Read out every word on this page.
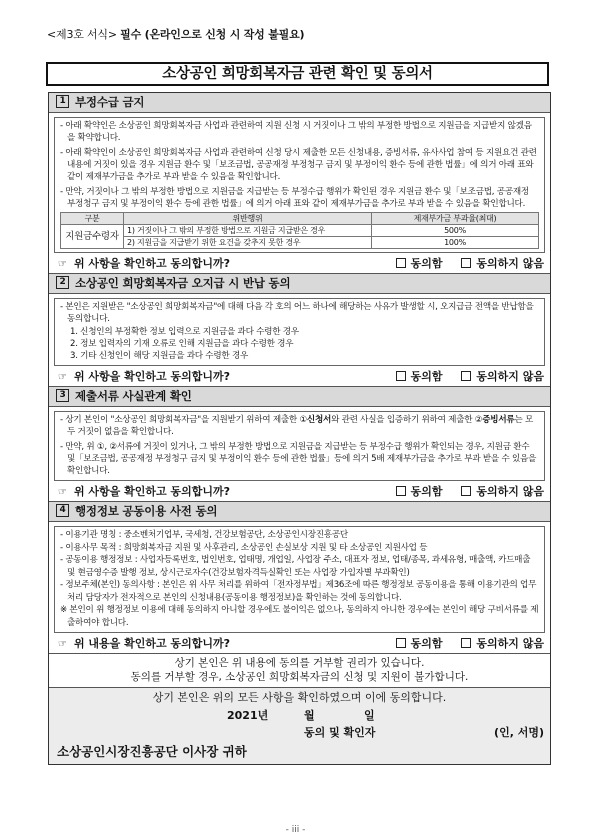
<제3호 서식> 필수 (온라인으로 신청 시 작성 불필요)
소상공인 희망회복자금 관련 확인 및 동의서
1 부정수급 금지
- 아래 확약인은 소상공인 희망회복자금 사업과 관련하여 지원 신청 시 거짓이나 그 밖의 부정한 방법으로 지원금을 지급받지 않겠음을 확약합니다.
- 아래 확약인이 소상공인 희망회복자금 사업과 관련하여 신청 당시 제출한 모든 신청내용, 증빙서류, 유사사업 참여 등 지원요건 관련 내용에 거짓이 있을 경우 지원금 환수 및「보조금법, 공공재정 부정청구 금지 및 부정이익 환수 등에 관한 법률」에 의거 아래 표와 같이 제재부가금을 추가로 부과 받을 수 있음을 확인합니다.
- 만약, 거짓이나 그 밖의 부정한 방법으로 지원금을 지급받는 등 부정수급 행위가 확인된 경우 지원금 환수 및「보조금법, 공공재정 부정청구 금지 및 부정이익 환수 등에 관한 법률」에 의거 아래 표와 같이 제재부가금을 추가로 부과 받을 수 있음을 확인합니다.
구분	위반행위	제재부가금 부과율(최대)
지원금수령자	1) 거짓이나 그 밖의 부정한 방법으로 지원금 지급받은 경우	500%
	2) 지원금을 지급받기 위한 요건을 갖추지 못한 경우	100%
☞ 위 사항을 확인하고 동의합니까?	동의함	동의하지 않음
2 소상공인 희망회복자금 오지급 시 반납 동의
- 본인은 지원받은 "소상공인 희망회복자금"에 대해 다음 각 호의 어느 하나에 해당하는 사유가 발생할 시, 오지급금 전액을 반납함을 동의합니다.
1. 신청인의 부정확한 정보 입력으로 지원금을 과다 수령한 경우
2. 정보 입력자의 기재 오류로 인해 지원금을 과다 수령한 경우
3. 기타 신청인이 해당 지원금을 과다 수령한 경우
☞ 위 사항을 확인하고 동의합니까?	동의함	동의하지 않음
3 제출서류 사실관계 확인
- 상기 본인이 "소상공인 희망회복자금"을 지원받기 위하여 제출한 ①신청서와 관련 사실을 입증하기 위하여 제출한 ②증빙서류는 모두 거짓이 없음을 확인합니다.
- 만약, 위 ①, ②서류에 거짓이 있거나, 그 밖의 부정한 방법으로 지원금을 지급받는 등 부정수급 행위가 확인되는 경우, 지원금 환수 및「보조금법, 공공재정 부정청구 금지 및 부정이익 환수 등에 관한 법률」등에 의거 5배 제재부가금을 추가로 부과 받을 수 있음을 확인합니다.
☞ 위 사항을 확인하고 동의합니까?	동의함	동의하지 않음
4 행정정보 공동이용 사전 동의
- 이용기관 명칭 : 중소벤처기업부, 국세청, 건강보험공단, 소상공인시장진흥공단
- 이용사무 목적 : 희망회복자금 지원 및 사후관리, 소상공인 손실보상 지원 및 타 소상공인 지원사업 등
- 공동이용 행정정보 : 사업자등록번호, 법인번호, 업태명, 개업일, 사업장 주소, 대표자 정보, 업태/종목, 과세유형, 매출액, 카드매출 및 현금영수증 발행 정보, 상시근로자수(건강보험자격득실확인 또는 사업장 가입자별 부과확인)
- 정보주체(본인) 동의사항 : 본인은 위 사무 처리를 위하여「전자정부법」제36조에 따른 행정정보 공동이용을 통해 이용기관의 업무처리 담당자가 전자적으로 본인의 신청내용(공동이용 행정정보)을 확인하는 것에 동의합니다.
※ 본인이 위 행정정보 이용에 대해 동의하지 아니할 경우에도 불이익은 없으나, 동의하지 아니한 경우에는 본인이 해당 구비서류를 제출하여야 합니다.
☞ 위 내용을 확인하고 동의합니까?	동의함	동의하지 않음
상기 본인은 위 내용에 동의를 거부할 권리가 있습니다.
동의를 거부할 경우, 소상공인 희망회복자금의 신청 및 지원이 불가합니다.
상기 본인은 위의 모든 사항을 확인하였으며 이에 동의합니다.
2021년	월	일
동의 및 확인자	(인, 서명)
소상공인시장진흥공단 이사장 귀하
- iii -
